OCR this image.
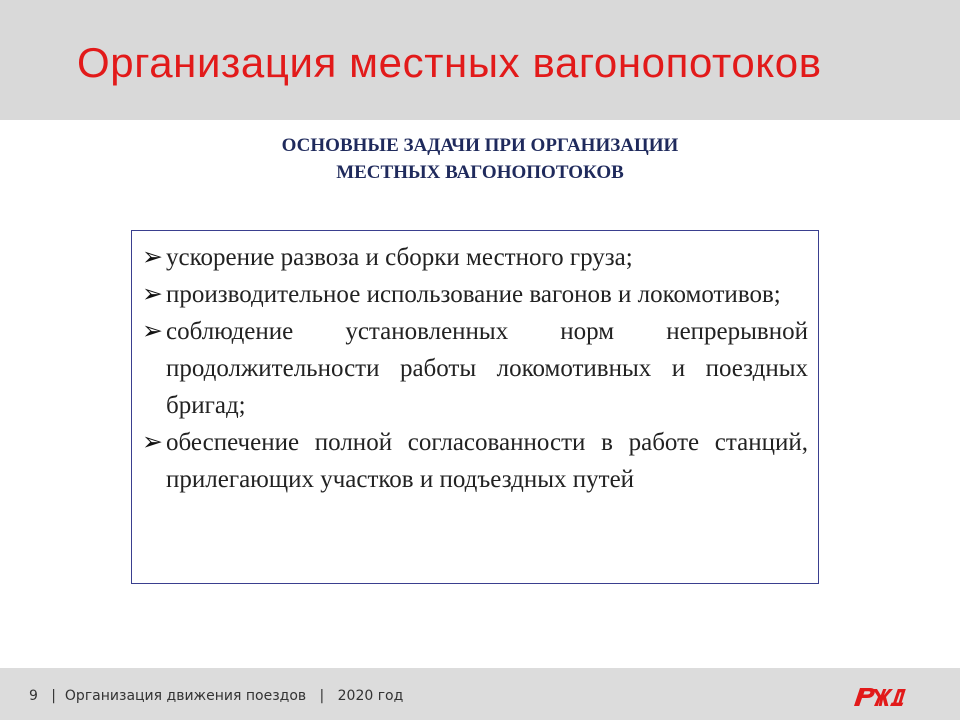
Организация местных вагонопотоков
ОСНОВНЫЕ ЗАДАЧИ ПРИ ОРГАНИЗАЦИИ МЕСТНЫХ ВАГОНОПОТОКОВ
➢ ускорение развоза и сборки местного груза;
➢ производительное использование вагонов и локомотивов;
➢ соблюдение установленных норм непрерывной продолжительности работы локомотивных и поездных бригад;
➢ обеспечение полной согласованности в работе станций, прилегающих участков и подъездных путей
9 | Организация движения поездов | 2020 год
